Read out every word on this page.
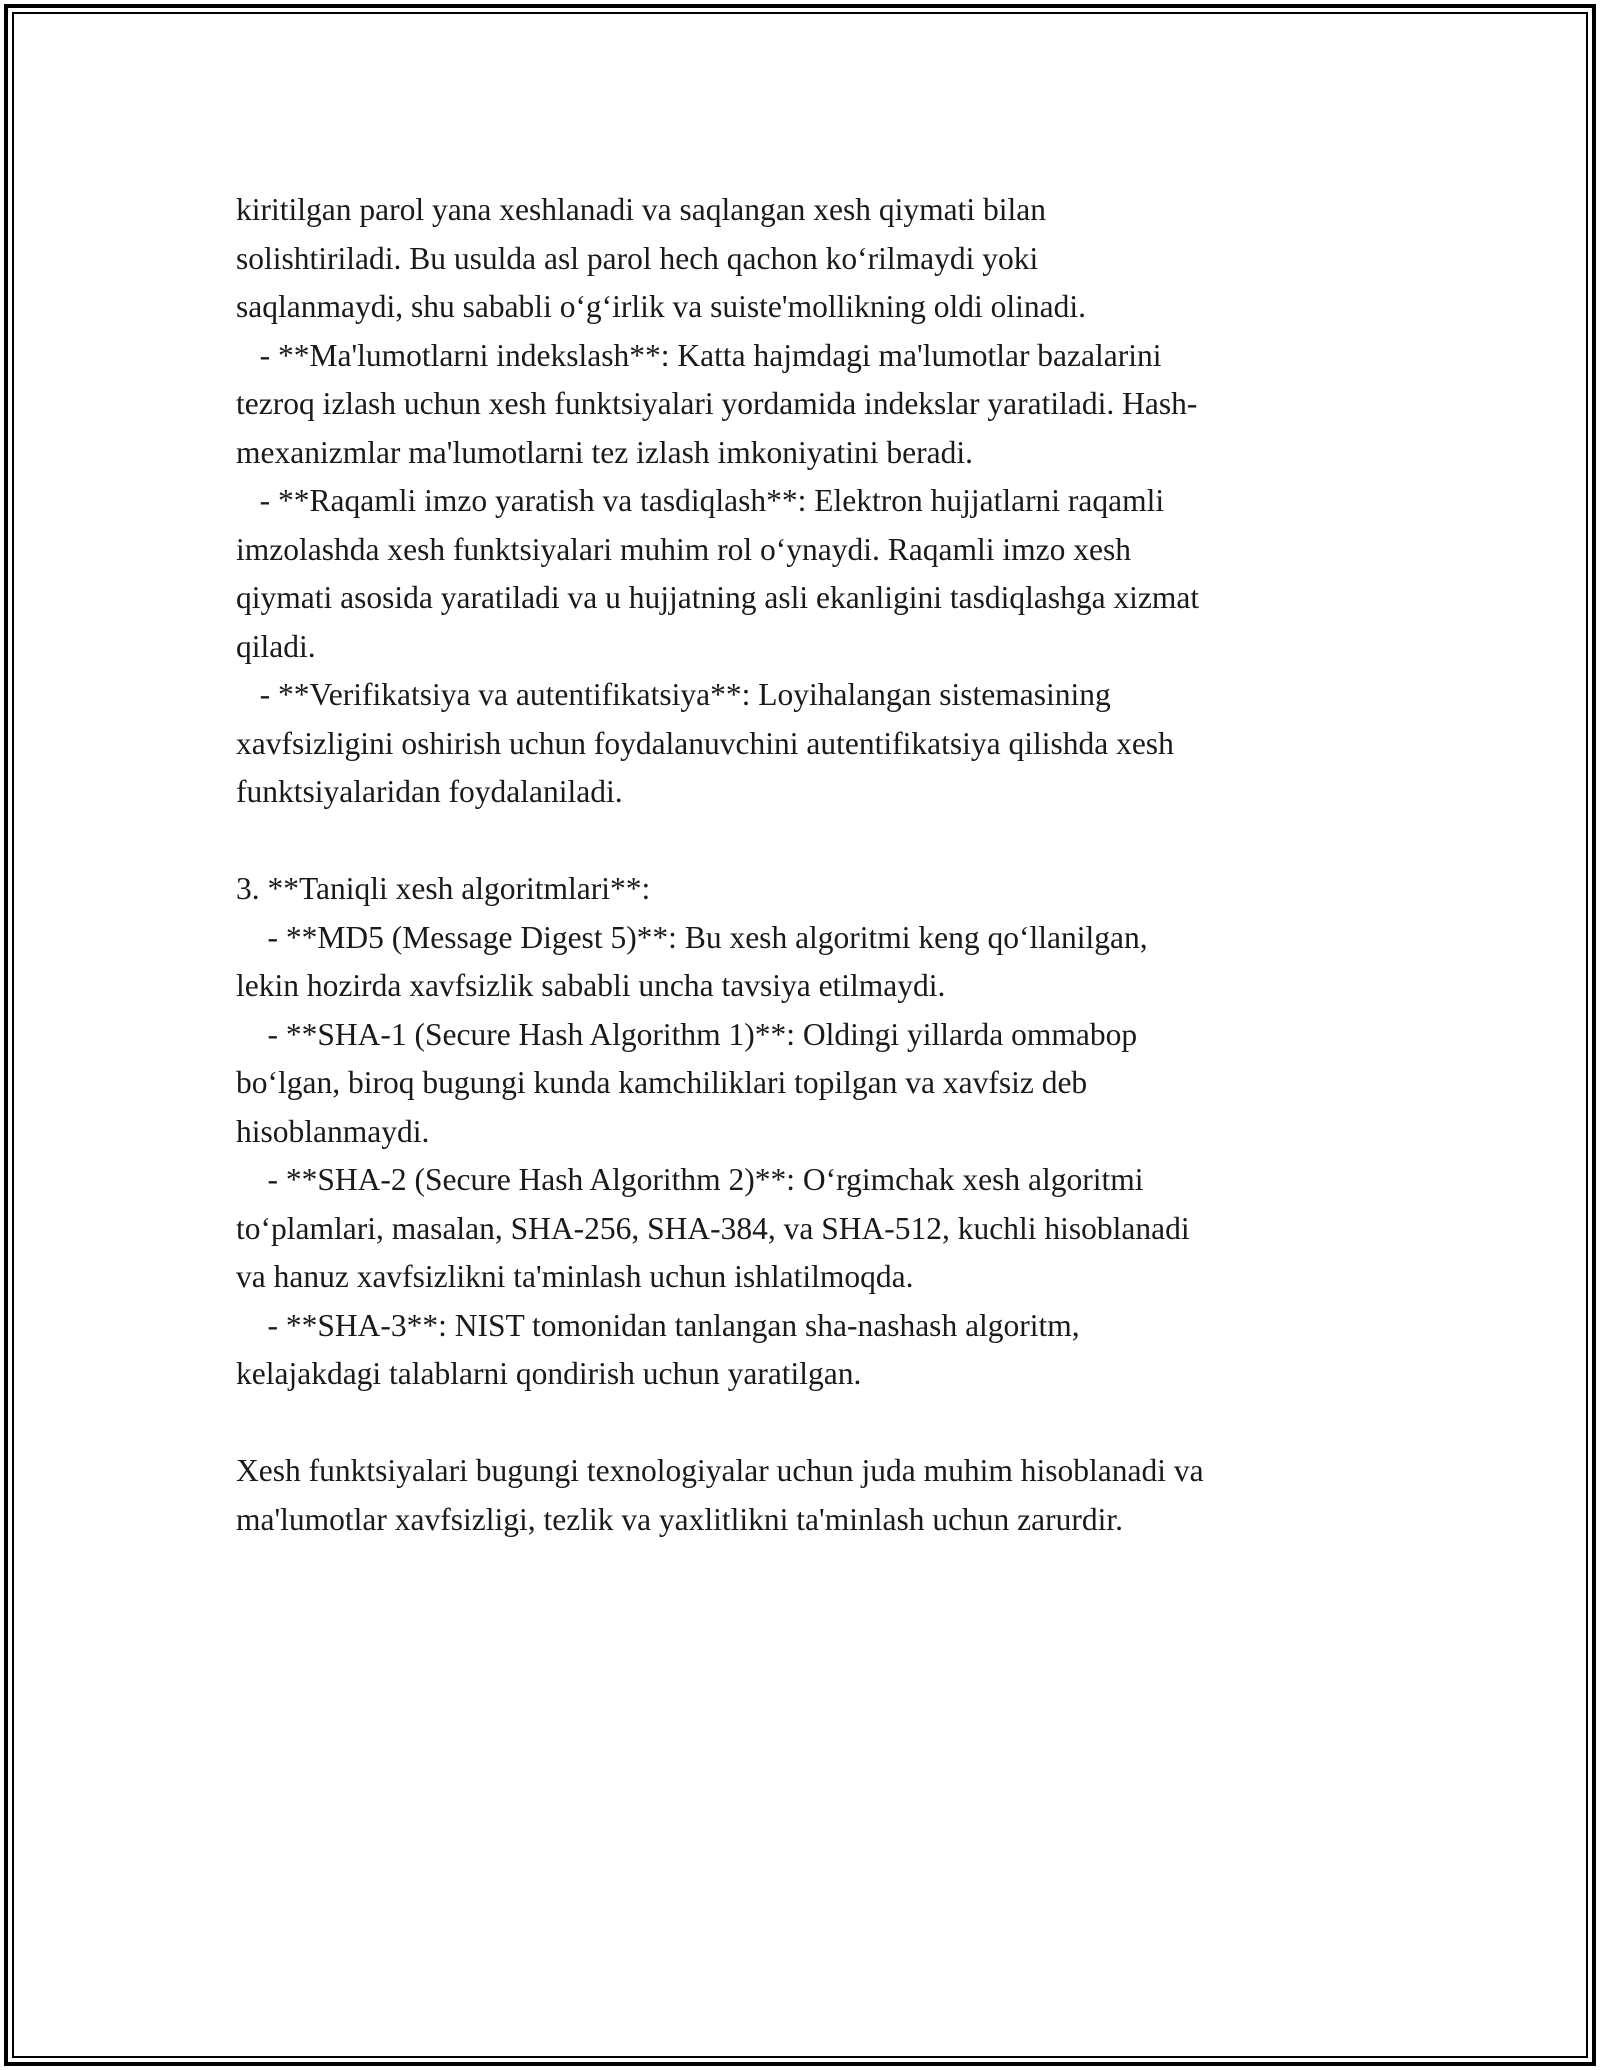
kiritilgan parol yana xeshlanadi va saqlangan xesh qiymati bilan
solishtiriladi. Bu usulda asl parol hech qachon ko‘rilmaydi yoki
saqlanmaydi, shu sababli o‘g‘irlik va suiste'mollikning oldi olinadi.
- **Ma'lumotlarni indekslash**: Katta hajmdagi ma'lumotlar bazalarini
tezroq izlash uchun xesh funktsiyalari yordamida indekslar yaratiladi. Hash-
mexanizmlar ma'lumotlarni tez izlash imkoniyatini beradi.
- **Raqamli imzo yaratish va tasdiqlash**: Elektron hujjatlarni raqamli
imzolashda xesh funktsiyalari muhim rol o‘ynaydi. Raqamli imzo xesh
qiymati asosida yaratiladi va u hujjatning asli ekanligini tasdiqlashga xizmat
qiladi.
- **Verifikatsiya va autentifikatsiya**: Loyihalangan sistemasining
xavfsizligini oshirish uchun foydalanuvchini autentifikatsiya qilishda xesh
funktsiyalaridan foydalaniladi.
3. **Taniqli xesh algoritmlari**:
- **MD5 (Message Digest 5)**: Bu xesh algoritmi keng qo‘llanilgan,
lekin hozirda xavfsizlik sababli uncha tavsiya etilmaydi.
- **SHA-1 (Secure Hash Algorithm 1)**: Oldingi yillarda ommabop
bo‘lgan, biroq bugungi kunda kamchiliklari topilgan va xavfsiz deb
hisoblanmaydi.
- **SHA-2 (Secure Hash Algorithm 2)**: O‘rgimchak xesh algoritmi
to‘plamlari, masalan, SHA-256, SHA-384, va SHA-512, kuchli hisoblanadi
va hanuz xavfsizlikni ta'minlash uchun ishlatilmoqda.
- **SHA-3**: NIST tomonidan tanlangan sha-nashash algoritm,
kelajakdagi talablarni qondirish uchun yaratilgan.
Xesh funktsiyalari bugungi texnologiyalar uchun juda muhim hisoblanadi va
ma'lumotlar xavfsizligi, tezlik va yaxlitlikni ta'minlash uchun zarurdir.
